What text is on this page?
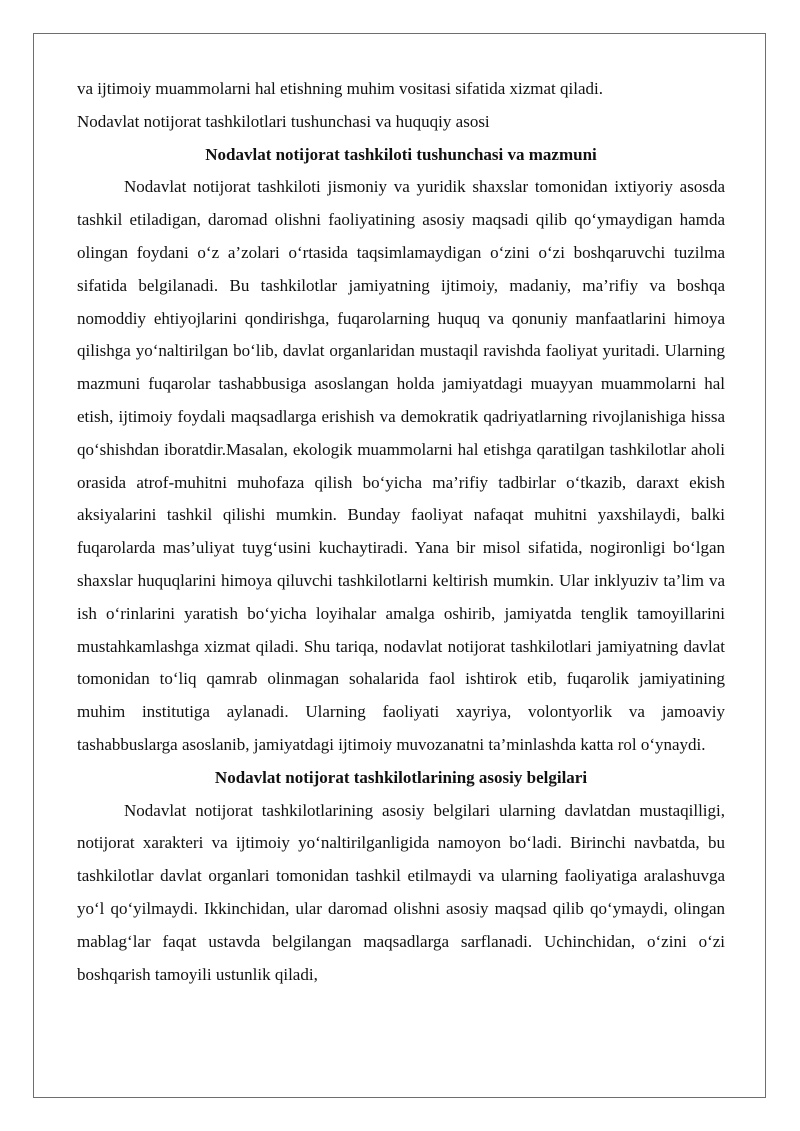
va ijtimoiy muammolarni hal etishning muhim vositasi sifatida xizmat qiladi.

Nodavlat notijorat tashkilotlari tushunchasi va huquqiy asosi

Nodavlat notijorat tashkiloti tushunchasi va mazmuni

Nodavlat notijorat tashkiloti jismoniy va yuridik shaxslar tomonidan ixtiyoriy asosda tashkil etiladigan, daromad olishni faoliyatining asosiy maqsadi qilib qo‘ymaydigan hamda olingan foydani o‘z a’zolari o‘rtasida taqsimlamaydigan o‘zini o‘zi boshqaruvchi tuzilma sifatida belgilanadi. Bu tashkilotlar jamiyatning ijtimoiy, madaniy, ma’rifiy va boshqa nomoddiy ehtiyojlarini qondirishga, fuqarolarning huquq va qonuniy manfaatlarini himoya qilishga yo‘naltirilgan bo‘lib, davlat organlaridan mustaqil ravishda faoliyat yuritadi. Ularning mazmuni fuqarolar tashabbusiga asoslangan holda jamiyatdagi muayyan muammolarni hal etish, ijtimoiy foydali maqsadlarga erishish va demokratik qadriyatlarning rivojlanishiga hissa qo‘shishdan iboratdir.Masalan, ekologik muammolarni hal etishga qaratilgan tashkilotlar aholi orasida atrof-muhitni muhofaza qilish bo‘yicha ma’rifiy tadbirlar o‘tkazib, daraxt ekish aksiyalarini tashkil qilishi mumkin. Bunday faoliyat nafaqat muhitni yaxshilaydi, balki fuqarolarda mas’uliyat tuyg‘usini kuchaytiradi. Yana bir misol sifatida, nogironligi bo‘lgan shaxslar huquqlarini himoya qiluvchi tashkilotlarni keltirish mumkin. Ular inklyuziv ta’lim va ish o‘rinlarini yaratish bo‘yicha loyihalar amalga oshirib, jamiyatda tenglik tamoyillarini mustahkamlashga xizmat qiladi. Shu tariqa, nodavlat notijorat tashkilotlari jamiyatning davlat tomonidan to‘liq qamrab olinmagan sohalarida faol ishtirok etib, fuqarolik jamiyatining muhim institutiga aylanadi. Ularning faoliyati xayriya, volontyorlik va jamoaviy tashabbuslarga asoslanib, jamiyatdagi ijtimoiy muvozanatni ta’minlashda katta rol o‘ynaydi.

Nodavlat notijorat tashkilotlarining asosiy belgilari

Nodavlat notijorat tashkilotlarining asosiy belgilari ularning davlatdan mustaqilligi, notijorat xarakteri va ijtimoiy yo‘naltirilganligida namoyon bo‘ladi. Birinchi navbatda, bu tashkilotlar davlat organlari tomonidan tashkil etilmaydi va ularning faoliyatiga aralashuvga yo‘l qo‘yilmaydi. Ikkinchidan, ular daromad olishni asosiy maqsad qilib qo‘ymaydi, olingan mablag‘lar faqat ustavda belgilangan maqsadlarga sarflanadi. Uchinchidan, o‘zini o‘zi boshqarish tamoyili ustunlik qiladi,
